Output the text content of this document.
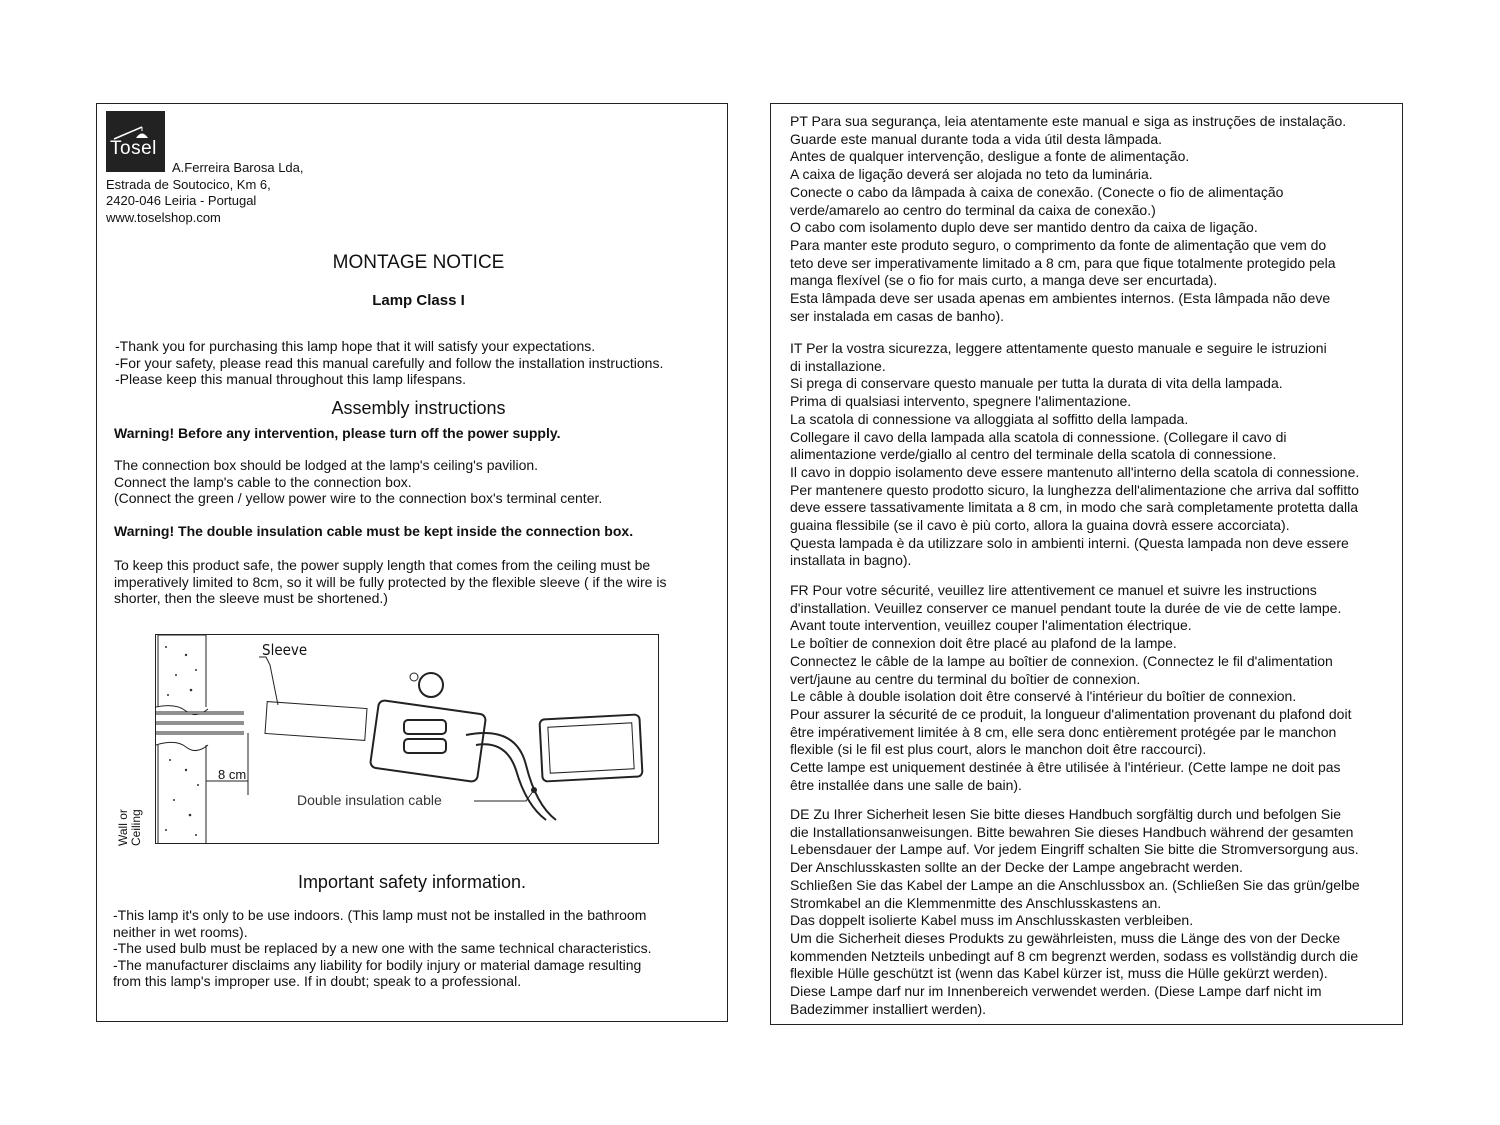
Tosel
A.Ferreira Barosa Lda,
Estrada de Soutocico, Km 6,
2420-046 Leiria - Portugal
www.toselshop.com
MONTAGE NOTICE
Lamp Class I
-Thank you for purchasing this lamp hope that it will satisfy your expectations.
-For your safety, please read this manual carefully and follow the installation instructions.
-Please keep this manual throughout this lamp lifespans.
Assembly instructions
Warning! Before any intervention, please turn off the power supply.
The connection box should be lodged at the lamp's ceiling's pavilion.
Connect the lamp's cable to the connection box.
(Connect the green / yellow power wire to the connection box's terminal center.
Warning! The double insulation cable must be kept inside the connection box.
To keep this product safe, the power supply length that comes from the ceiling must be
imperatively limited to 8cm, so it will be fully protected by the flexible sleeve ( if the wire is
shorter, then the sleeve must be shortened.)
Sleeve
8 cm
Double insulation cable
Wall or Ceiling
Important safety information.
-This lamp it's only to be use indoors. (This lamp must not be installed in the bathroom
neither in wet rooms).
-The used bulb must be replaced by a new one with the same technical characteristics.
-The manufacturer disclaims any liability for bodily injury or material damage resulting
from this lamp's improper use. If in doubt; speak to a professional.
PT Para sua segurança, leia atentamente este manual e siga as instruções de instalação.
Guarde este manual durante toda a vida útil desta lâmpada.
Antes de qualquer intervenção, desligue a fonte de alimentação.
A caixa de ligação deverá ser alojada no teto da luminária.
Conecte o cabo da lâmpada à caixa de conexão. (Conecte o fio de alimentação
verde/amarelo ao centro do terminal da caixa de conexão.)
O cabo com isolamento duplo deve ser mantido dentro da caixa de ligação.
Para manter este produto seguro, o comprimento da fonte de alimentação que vem do
teto deve ser imperativamente limitado a 8 cm, para que fique totalmente protegido pela
manga flexível (se o fio for mais curto, a manga deve ser encurtada).
Esta lâmpada deve ser usada apenas em ambientes internos. (Esta lâmpada não deve
ser instalada em casas de banho).
IT Per la vostra sicurezza, leggere attentamente questo manuale e seguire le istruzioni
di installazione.
Si prega di conservare questo manuale per tutta la durata di vita della lampada.
Prima di qualsiasi intervento, spegnere l'alimentazione.
La scatola di connessione va alloggiata al soffitto della lampada.
Collegare il cavo della lampada alla scatola di connessione. (Collegare il cavo di
alimentazione verde/giallo al centro del terminale della scatola di connessione.
Il cavo in doppio isolamento deve essere mantenuto all'interno della scatola di connessione.
Per mantenere questo prodotto sicuro, la lunghezza dell'alimentazione che arriva dal soffitto
deve essere tassativamente limitata a 8 cm, in modo che sarà completamente protetta dalla
guaina flessibile (se il cavo è più corto, allora la guaina dovrà essere accorciata).
Questa lampada è da utilizzare solo in ambienti interni. (Questa lampada non deve essere
installata in bagno).
FR Pour votre sécurité, veuillez lire attentivement ce manuel et suivre les instructions
d'installation. Veuillez conserver ce manuel pendant toute la durée de vie de cette lampe.
Avant toute intervention, veuillez couper l'alimentation électrique.
Le boîtier de connexion doit être placé au plafond de la lampe.
Connectez le câble de la lampe au boîtier de connexion. (Connectez le fil d'alimentation
vert/jaune au centre du terminal du boîtier de connexion.
Le câble à double isolation doit être conservé à l'intérieur du boîtier de connexion.
Pour assurer la sécurité de ce produit, la longueur d'alimentation provenant du plafond doit
être impérativement limitée à 8 cm, elle sera donc entièrement protégée par le manchon
flexible (si le fil est plus court, alors le manchon doit être raccourci).
Cette lampe est uniquement destinée à être utilisée à l'intérieur. (Cette lampe ne doit pas
être installée dans une salle de bain).
DE Zu Ihrer Sicherheit lesen Sie bitte dieses Handbuch sorgfältig durch und befolgen Sie
die Installationsanweisungen. Bitte bewahren Sie dieses Handbuch während der gesamten
Lebensdauer der Lampe auf. Vor jedem Eingriff schalten Sie bitte die Stromversorgung aus.
Der Anschlusskasten sollte an der Decke der Lampe angebracht werden.
Schließen Sie das Kabel der Lampe an die Anschlussbox an. (Schließen Sie das grün/gelbe
Stromkabel an die Klemmenmitte des Anschlusskastens an.
Das doppelt isolierte Kabel muss im Anschlusskasten verbleiben.
Um die Sicherheit dieses Produkts zu gewährleisten, muss die Länge des von der Decke
kommenden Netzteils unbedingt auf 8 cm begrenzt werden, sodass es vollständig durch die
flexible Hülle geschützt ist (wenn das Kabel kürzer ist, muss die Hülle gekürzt werden).
Diese Lampe darf nur im Innenbereich verwendet werden. (Diese Lampe darf nicht im
Badezimmer installiert werden).
